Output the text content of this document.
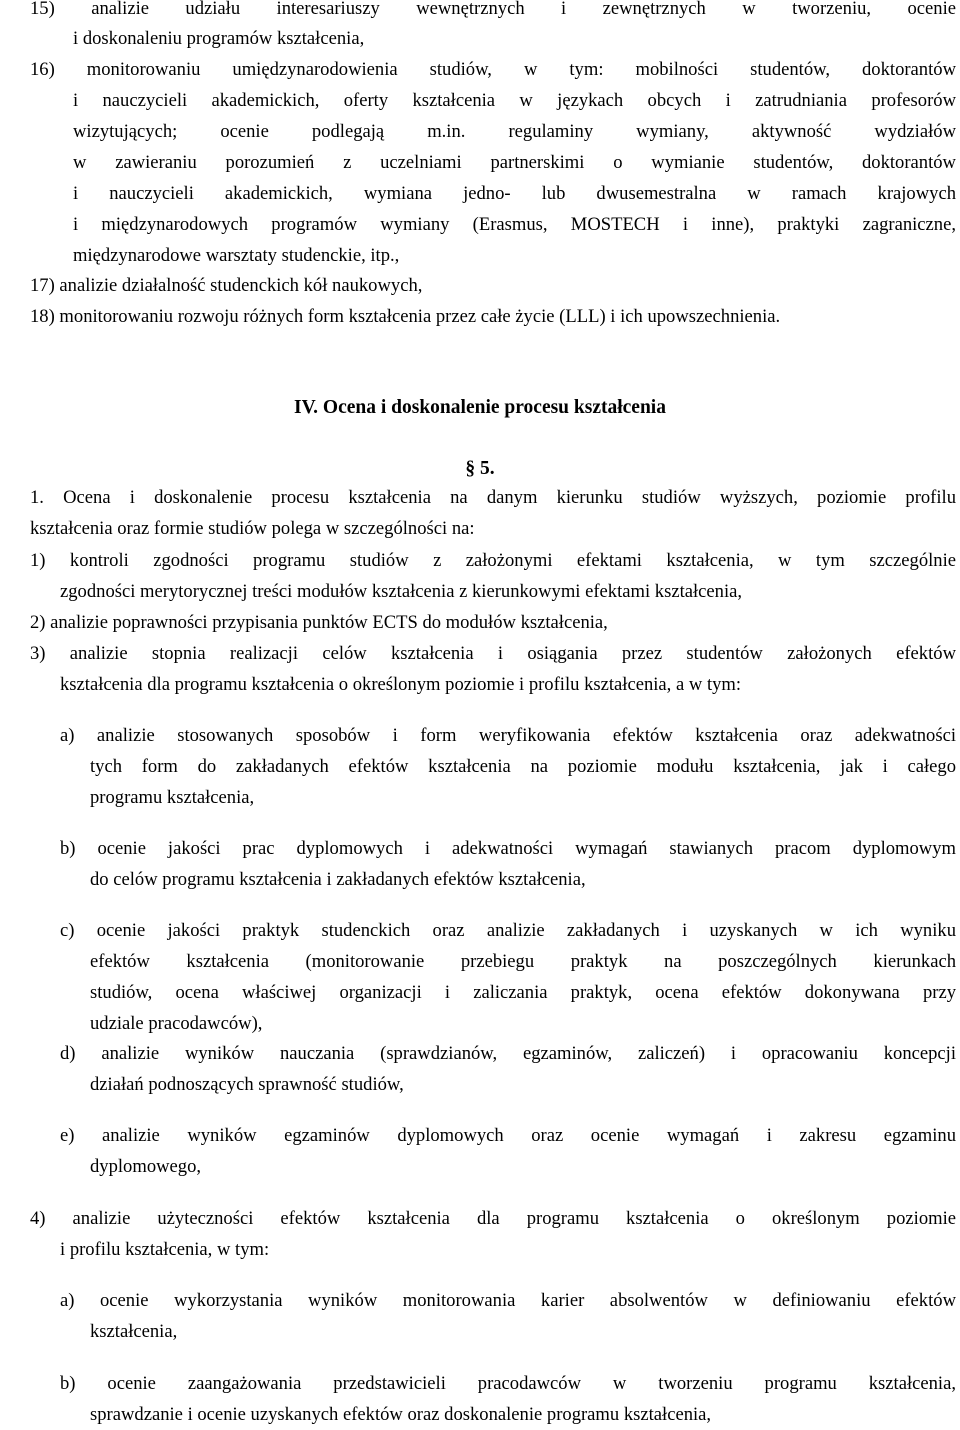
15) analizie udziału interesariuszy wewnętrznych i zewnętrznych w tworzeniu, ocenie
i doskonaleniu programów kształcenia,
16) monitorowaniu umiędzynarodowienia studiów, w tym: mobilności studentów, doktorantów
i nauczycieli akademickich, oferty kształcenia w językach obcych i zatrudniania profesorów
wizytujących; ocenie podlegają m.in. regulaminy wymiany, aktywność wydziałów
w zawieraniu porozumień z uczelniami partnerskimi o wymianie studentów, doktorantów
i nauczycieli akademickich, wymiana jedno- lub dwusemestralna w ramach krajowych
i międzynarodowych programów wymiany (Erasmus, MOSTECH i inne), praktyki zagraniczne,
międzynarodowe warsztaty studenckie, itp.,
17) analizie działalność studenckich kół naukowych,
18) monitorowaniu rozwoju różnych form kształcenia przez całe życie (LLL) i ich upowszechnienia.
IV. Ocena i doskonalenie procesu kształcenia
§ 5.
1. Ocena i doskonalenie procesu kształcenia na danym kierunku studiów wyższych, poziomie profilu
kształcenia oraz formie studiów polega w szczególności na:
1) kontroli zgodności programu studiów z założonymi efektami kształcenia, w tym szczególnie
zgodności merytorycznej treści modułów kształcenia z kierunkowymi efektami kształcenia,
2) analizie poprawności przypisania punktów ECTS do modułów kształcenia,
3) analizie stopnia realizacji celów kształcenia i osiągania przez studentów założonych efektów
kształcenia dla programu kształcenia o określonym poziomie i profilu kształcenia, a w tym:
a) analizie stosowanych sposobów i form weryfikowania efektów kształcenia oraz adekwatności
tych form do zakładanych efektów kształcenia na poziomie modułu kształcenia, jak i całego
programu kształcenia,
b) ocenie jakości prac dyplomowych i adekwatności wymagań stawianych pracom dyplomowym
do celów programu kształcenia i zakładanych efektów kształcenia,
c) ocenie jakości praktyk studenckich oraz analizie zakładanych i uzyskanych w ich wyniku
efektów kształcenia (monitorowanie przebiegu praktyk na poszczególnych kierunkach
studiów, ocena właściwej organizacji i zaliczania praktyk, ocena efektów dokonywana przy
udziale pracodawców),
d) analizie wyników nauczania (sprawdzianów, egzaminów, zaliczeń) i opracowaniu koncepcji
działań podnoszących sprawność studiów,
e) analizie wyników egzaminów dyplomowych oraz ocenie wymagań i zakresu egzaminu
dyplomowego,
4) analizie użyteczności efektów kształcenia dla programu kształcenia o określonym poziomie
i profilu kształcenia, w tym:
a) ocenie wykorzystania wyników monitorowania karier absolwentów w definiowaniu efektów
kształcenia,
b) ocenie zaangażowania przedstawicieli pracodawców w tworzeniu programu kształcenia,
sprawdzanie i ocenie uzyskanych efektów oraz doskonalenie programu kształcenia,
